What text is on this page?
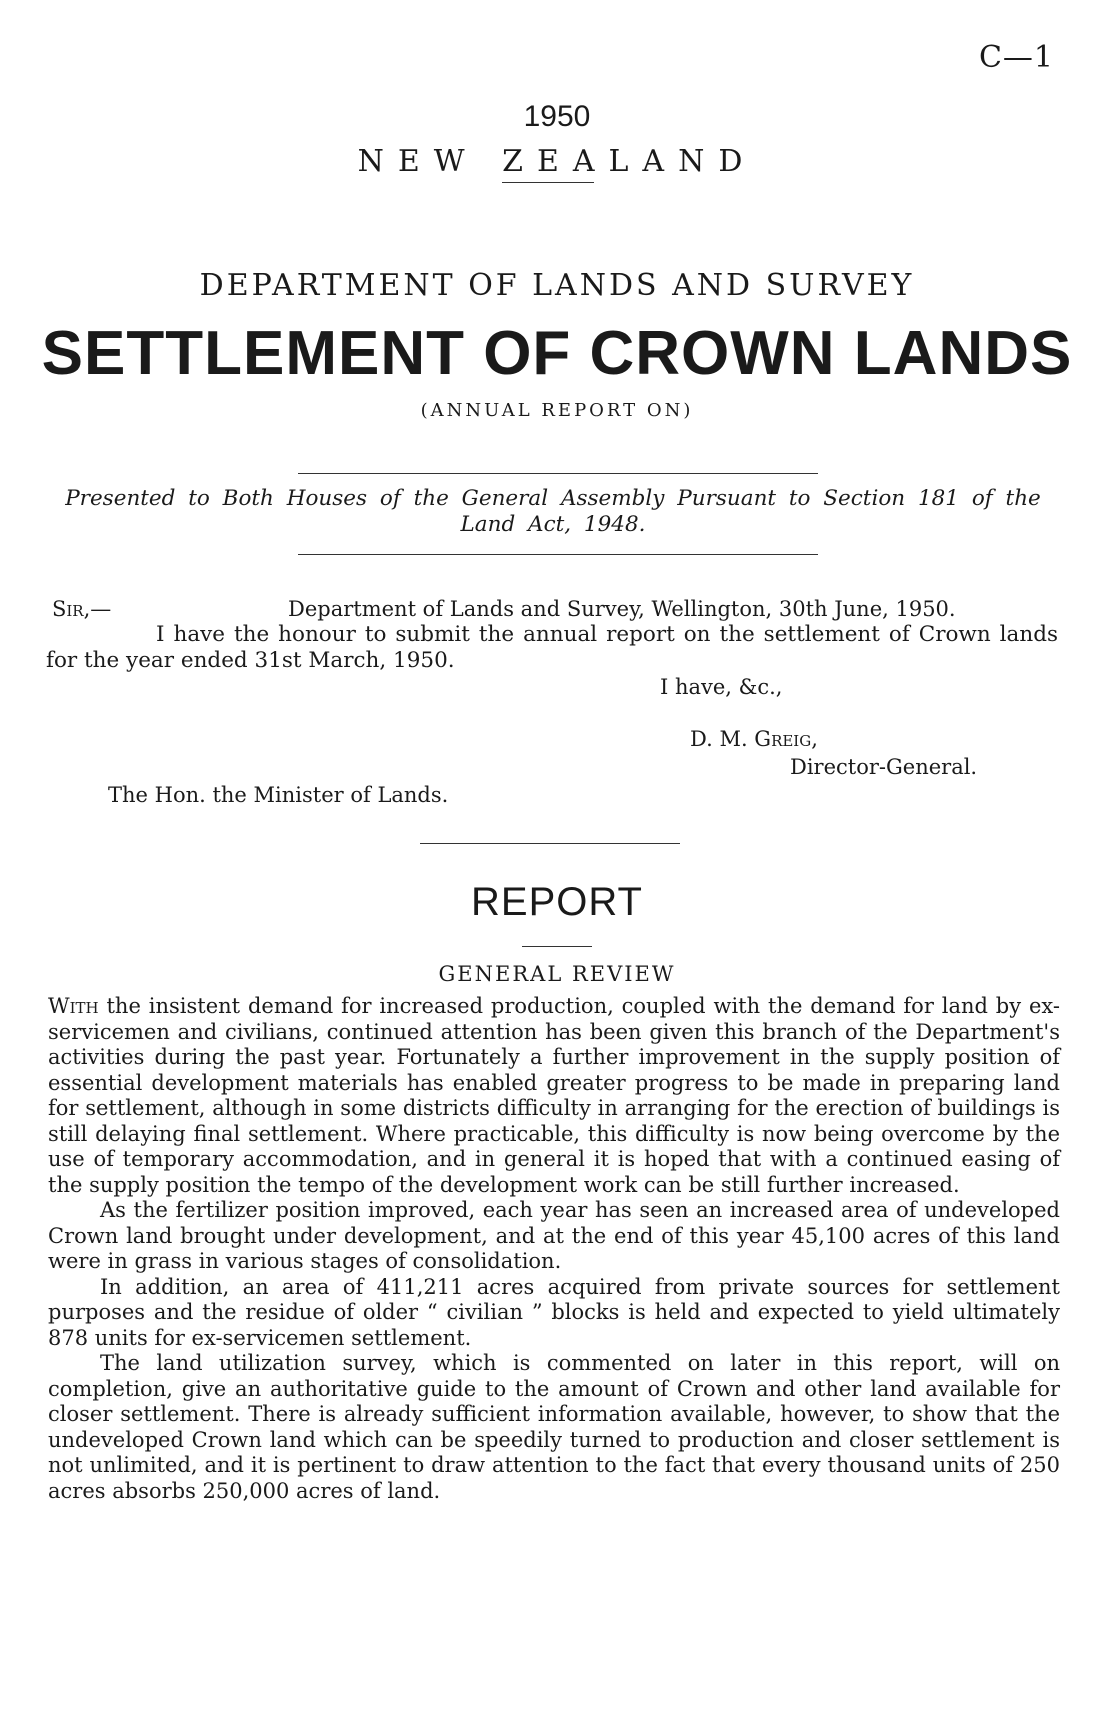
C—1
1950
NEW ZEALAND
DEPARTMENT OF LANDS AND SURVEY
SETTLEMENT OF CROWN LANDS
(ANNUAL REPORT ON)
Presented to Both Houses of the General Assembly Pursuant to Section 181 of the Land Act, 1948.
Sir,—	Department of Lands and Survey, Wellington, 30th June, 1950.
I have the honour to submit the annual report on the settlement of Crown lands for the year ended 31st March, 1950.
I have, &c.,
D. M. Greig,
Director-General.
The Hon. the Minister of Lands.
REPORT
GENERAL REVIEW

With the insistent demand for increased production, coupled with the demand for land by ex-servicemen and civilians, continued attention has been given this branch of the Department's activities during the past year. Fortunately a further improvement in the supply position of essential development materials has enabled greater progress to be made in preparing land for settlement, although in some districts difficulty in arranging for the erection of buildings is still delaying final settlement. Where practicable, this difficulty is now being overcome by the use of temporary accommodation, and in general it is hoped that with a continued easing of the supply position the tempo of the development work can be still further increased.

As the fertilizer position improved, each year has seen an increased area of undeveloped Crown land brought under development, and at the end of this year 45,100 acres of this land were in grass in various stages of consolidation.

In addition, an area of 411,211 acres acquired from private sources for settlement purposes and the residue of older “ civilian ” blocks is held and expected to yield ultimately 878 units for ex-servicemen settlement.

The land utilization survey, which is commented on later in this report, will on completion, give an authoritative guide to the amount of Crown and other land available for closer settlement. There is already sufficient information available, however, to show that the undeveloped Crown land which can be speedily turned to production and closer settlement is not unlimited, and it is pertinent to draw attention to the fact that every thousand units of 250 acres absorbs 250,000 acres of land.
